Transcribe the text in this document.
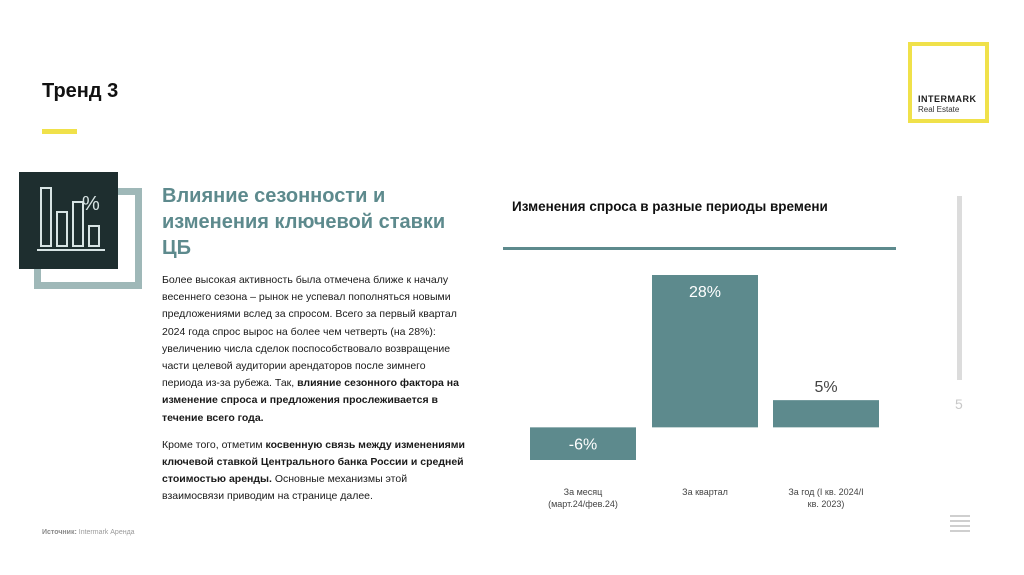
Тренд 3	INTERMARK
Real Estate
%	Влияние сезонности и изменения ключевой ставки ЦБ

Более высокая активность была отмечена ближе к началу весеннего сезона – рынок не успевал пополняться новыми предложениями вслед за спросом. Всего за первый квартал 2024 года спрос вырос на более чем четверть (на 28%): увеличению числа сделок поспособствовало возвращение части целевой аудитории арендаторов после зимнего периода из-за рубежа. Так, влияние сезонного фактора на изменение спроса и предложения прослеживается в течение всего года.

Кроме того, отметим косвенную связь между изменениями ключевой ставкой Центрального банка России и средней стоимостью аренды. Основные механизмы этой взаимосвязи приводим на странице далее.

Источник: Intermark Аренда
Изменения спроса в разные периоды времени
-6%
28%
5%
За месяц (март.24/фев.24)
За квартал	За год (I кв. 2024/I кв. 2023)
5
